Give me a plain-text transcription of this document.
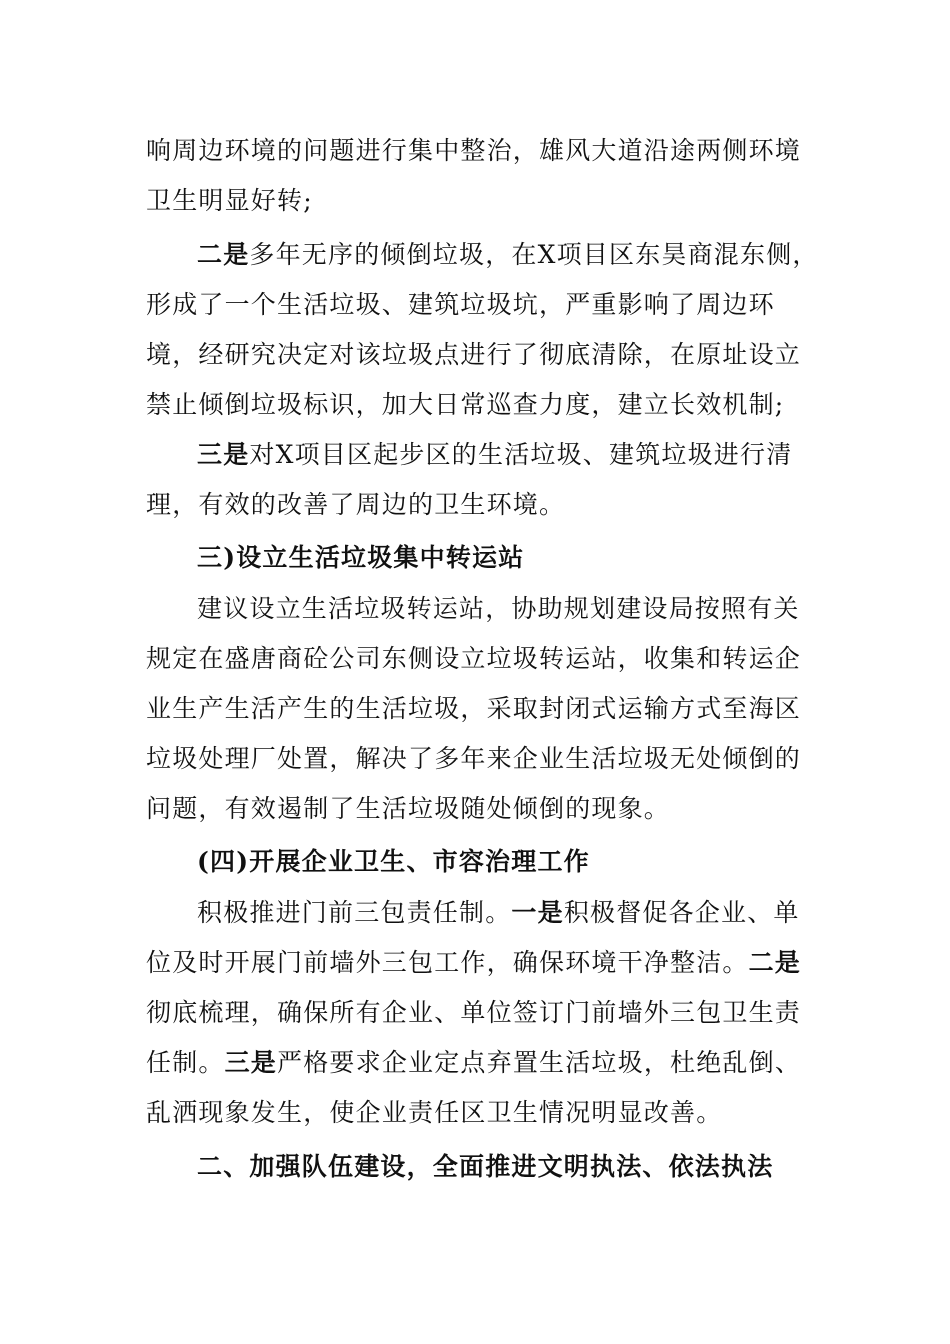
响周边环境的问题进行集中整治，雄风大道沿途两侧环境
卫生明显好转;
二是多年无序的倾倒垃圾，在X项目区东昊商混东侧，
形成了一个生活垃圾、建筑垃圾坑，严重影响了周边环
境，经研究决定对该垃圾点进行了彻底清除，在原址设立
禁止倾倒垃圾标识，加大日常巡查力度，建立长效机制;
三是对X项目区起步区的生活垃圾、建筑垃圾进行清
理，有效的改善了周边的卫生环境。
三)设立生活垃圾集中转运站
建议设立生活垃圾转运站，协助规划建设局按照有关
规定在盛唐商砼公司东侧设立垃圾转运站，收集和转运企
业生产生活产生的生活垃圾，采取封闭式运输方式至海区
垃圾处理厂处置，解决了多年来企业生活垃圾无处倾倒的
问题，有效遏制了生活垃圾随处倾倒的现象。
(四)开展企业卫生、市容治理工作
积极推进门前三包责任制。一是积极督促各企业、单
位及时开展门前墙外三包工作，确保环境干净整洁。二是
彻底梳理，确保所有企业、单位签订门前墙外三包卫生责
任制。三是严格要求企业定点弃置生活垃圾，杜绝乱倒、
乱洒现象发生，使企业责任区卫生情况明显改善。
二、加强队伍建设，全面推进文明执法、依法执法
